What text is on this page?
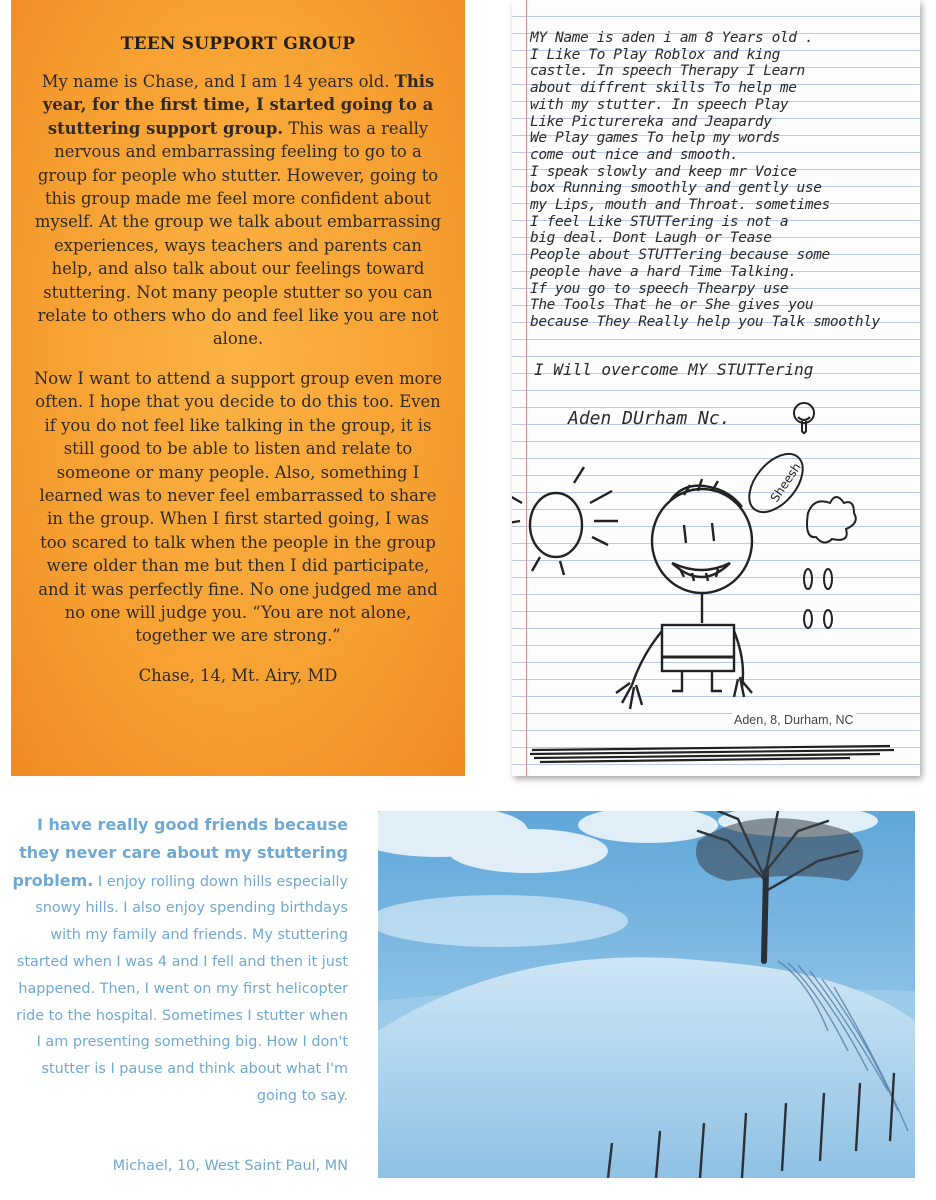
TEEN SUPPORT GROUP

My name is Chase, and I am 14 years old. This year, for the first time, I started going to a stuttering support group. This was a really nervous and embarrassing feeling to go to a group for people who stutter. However, going to this group made me feel more confident about myself. At the group we talk about embarrassing experiences, ways teachers and parents can help, and also talk about our feelings toward stuttering. Not many people stutter so you can relate to others who do and feel like you are not alone.

Now I want to attend a support group even more often. I hope that you decide to do this too. Even if you do not feel like talking in the group, it is still good to be able to listen and relate to someone or many people. Also, something I learned was to never feel embarrassed to share in the group. When I first started going, I was too scared to talk when the people in the group were older than me but then I did participate, and it was perfectly fine. No one judged me and no one will judge you. “You are not alone, together we are strong.”

Chase, 14, Mt. Airy, MD
MY Name is aden i am 8 Years old .
I Like To Play Roblox and king
castle. In speech Therapy I Learn
about diffrent skills To help me
with my stutter. In speech Play
Like Picturereka and Jeapardy
We Play games To help my words
come out nice and smooth.
I speak slowly and keep mr Voice
box Running smoothly and gently use
my Lips, mouth and Throat. sometimes
I feel Like STUTTering is not a
big deal. Dont Laugh or Tease
People about STUTTering because some
people have a hard Time Talking.
If you go to speech Thearpy use
The Tools That he or She gives you
because They Really help you Talk smoothly
I Will overcome MY STUTTering
Aden DUrham Nc.
Sheesh
Aden, 8, Durham, NC
I have really good friends because they never care about my stuttering problem. I enjoy rolling down hills especially snowy hills. I also enjoy spending birthdays with my family and friends. My stuttering started when I was 4 and I fell and then it just happened. Then, I went on my first helicopter ride to the hospital. Sometimes I stutter when I am presenting something big. How I don't stutter is I pause and think about what I'm going to say.
Michael, 10, West Saint Paul, MN
